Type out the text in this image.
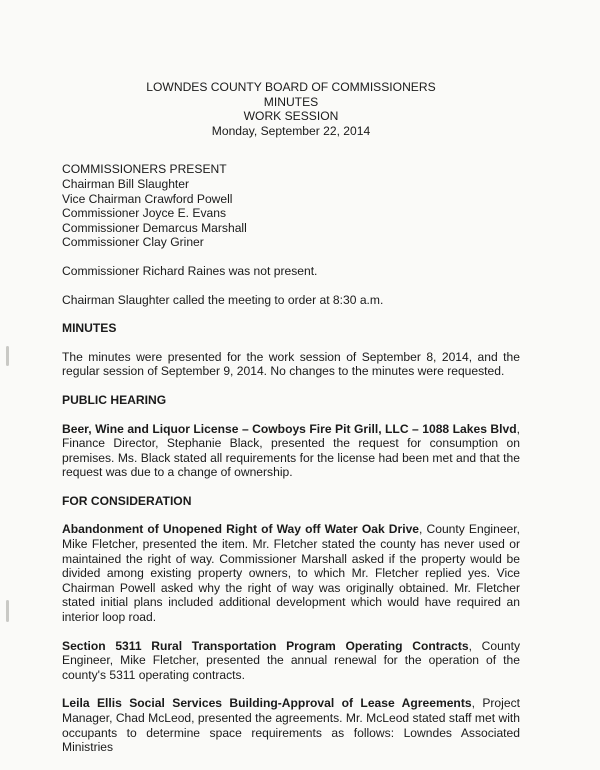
LOWNDES COUNTY BOARD OF COMMISSIONERS
MINUTES
WORK SESSION
Monday, September 22, 2014
COMMISSIONERS PRESENT
Chairman Bill Slaughter
Vice Chairman Crawford Powell
Commissioner Joyce E. Evans
Commissioner Demarcus Marshall
Commissioner Clay Griner

Commissioner Richard Raines was not present.

Chairman Slaughter called the meeting to order at 8:30 a.m.

MINUTES

The minutes were presented for the work session of September 8, 2014, and the regular session of September 9, 2014. No changes to the minutes were requested.

PUBLIC HEARING

Beer, Wine and Liquor License – Cowboys Fire Pit Grill, LLC – 1088 Lakes Blvd, Finance Director, Stephanie Black, presented the request for consumption on premises. Ms. Black stated all requirements for the license had been met and that the request was due to a change of ownership.

FOR CONSIDERATION

Abandonment of Unopened Right of Way off Water Oak Drive, County Engineer, Mike Fletcher, presented the item. Mr. Fletcher stated the county has never used or maintained the right of way. Commissioner Marshall asked if the property would be divided among existing property owners, to which Mr. Fletcher replied yes. Vice Chairman Powell asked why the right of way was originally obtained. Mr. Fletcher stated initial plans included additional development which would have required an interior loop road.

Section 5311 Rural Transportation Program Operating Contracts, County Engineer, Mike Fletcher, presented the annual renewal for the operation of the county's 5311 operating contracts.

Leila Ellis Social Services Building-Approval of Lease Agreements, Project Manager, Chad McLeod, presented the agreements. Mr. McLeod stated staff met with occupants to determine space requirements as follows: Lowndes Associated Ministries
